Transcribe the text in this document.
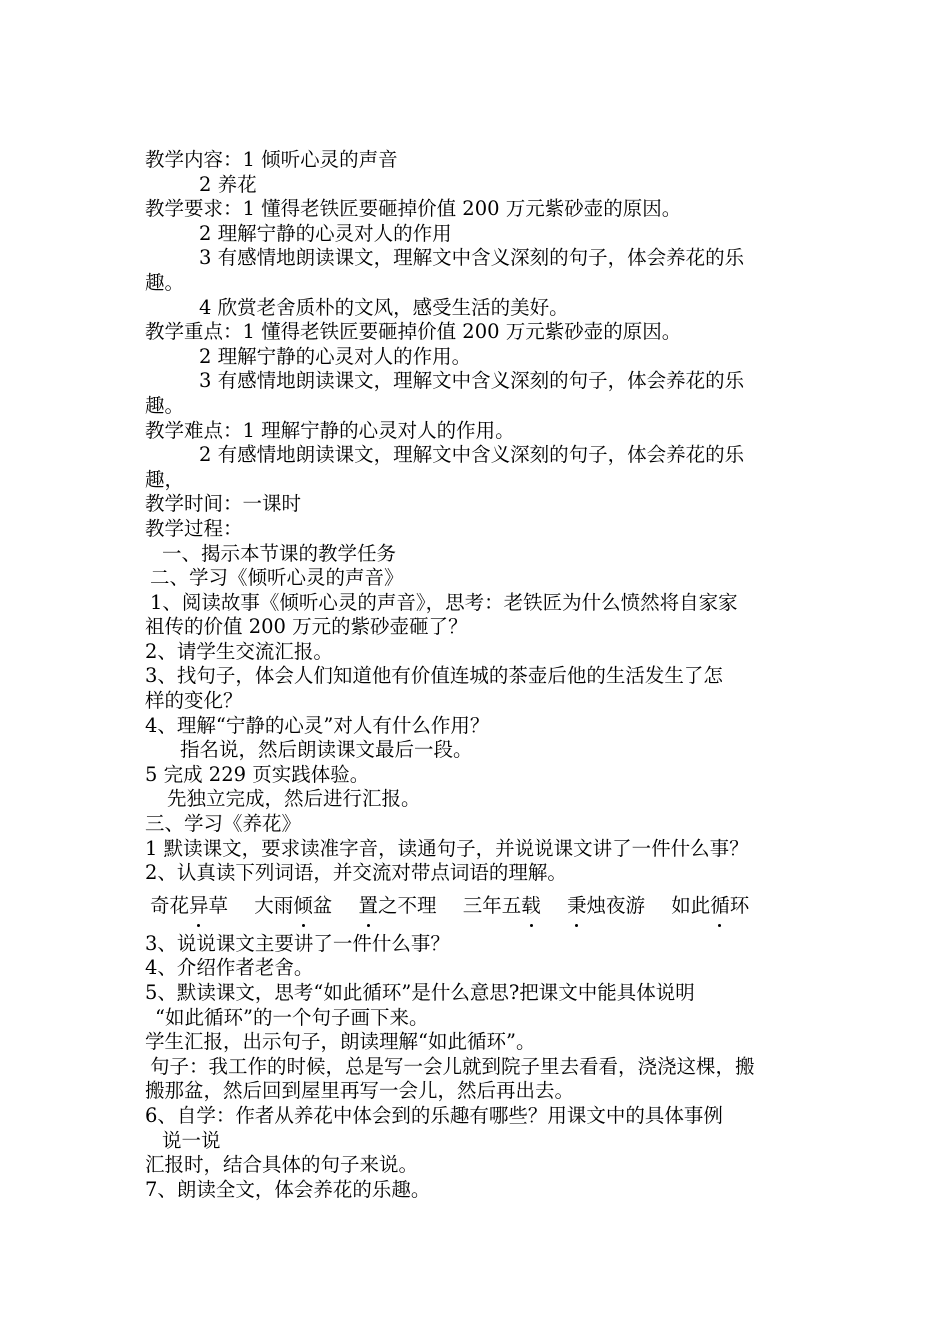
教学内容：1 倾听心灵的声音
2 养花
教学要求：1 懂得老铁匠要砸掉价值 200 万元紫砂壶的原因。
2 理解宁静的心灵对人的作用
3 有感情地朗读课文，理解文中含义深刻的句子，体会养花的乐
趣。
4 欣赏老舍质朴的文风，感受生活的美好。
教学重点：1 懂得老铁匠要砸掉价值 200 万元紫砂壶的原因。
2 理解宁静的心灵对人的作用。
3 有感情地朗读课文，理解文中含义深刻的句子，体会养花的乐
趣。
教学难点：1 理解宁静的心灵对人的作用。
2 有感情地朗读课文，理解文中含义深刻的句子，体会养花的乐
趣，
教学时间：一课时
教学过程：
一、揭示本节课的教学任务
二、学习《倾听心灵的声音》
1、阅读故事《倾听心灵的声音》，思考：老铁匠为什么愤然将自家家
祖传的价值 200 万元的紫砂壶砸了？
2、请学生交流汇报。
3、找句子，体会人们知道他有价值连城的茶壶后他的生活发生了怎
样的变化？
4、理解“宁静的心灵”对人有什么作用？
指名说，然后朗读课文最后一段。
5 完成 229 页实践体验。
先独立完成，然后进行汇报。
三、学习《养花》
1 默读课文，要求读准字音，读通句子，并说说课文讲了一件什么事？
2、认真读下列词语，并交流对带点词语的理解。
奇花异草 大雨倾盆 置之不理 三年五载 秉烛夜游 如此循环
3、说说课文主要讲了一件什么事？
4、介绍作者老舍。
5、默读课文，思考“如此循环”是什么意思?把课文中能具体说明
“如此循环”的一个句子画下来。
学生汇报，出示句子，朗读理解“如此循环”。
句子：我工作的时候，总是写一会儿就到院子里去看看，浇浇这棵，搬
搬那盆，然后回到屋里再写一会儿，然后再出去。
6、自学：作者从养花中体会到的乐趣有哪些？用课文中的具体事例
说一说
汇报时，结合具体的句子来说。
7、朗读全文，体会养花的乐趣。
